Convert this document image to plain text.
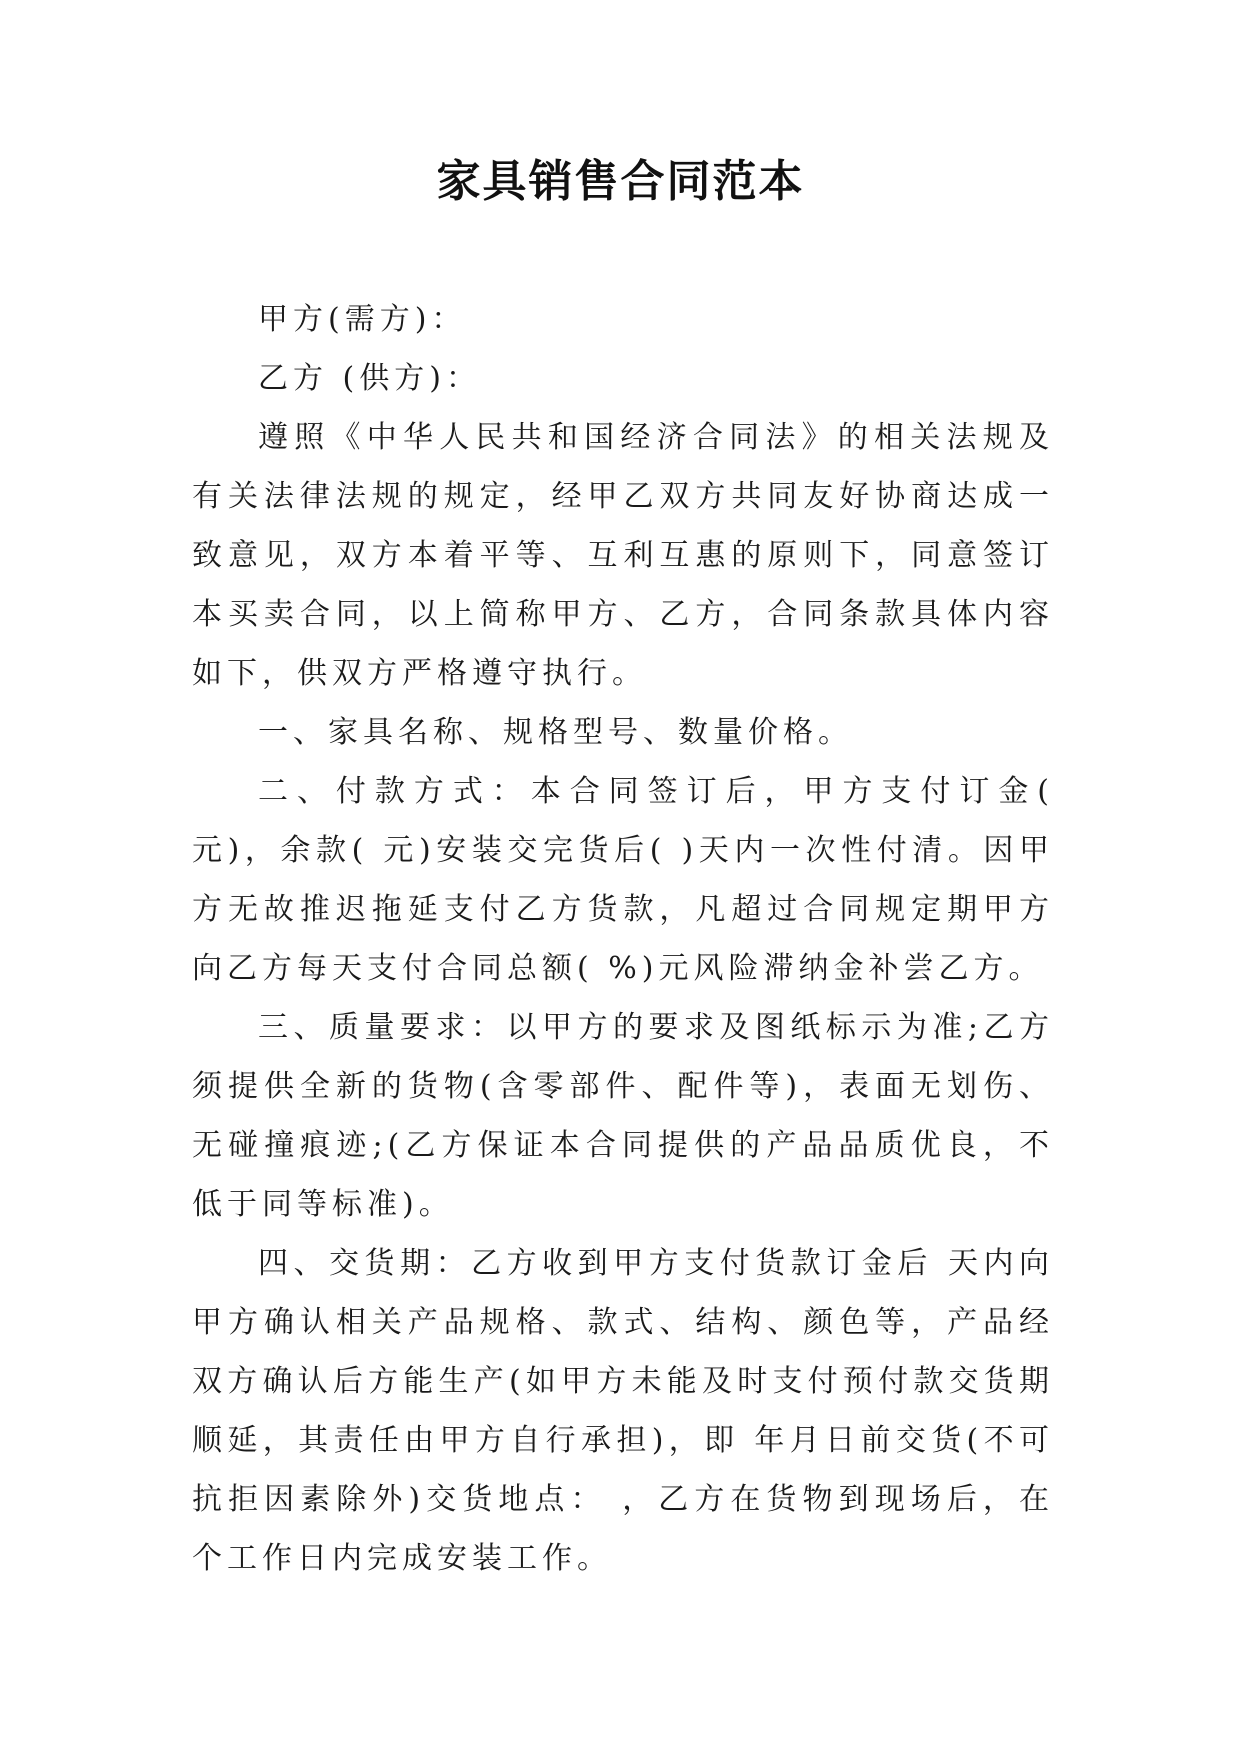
家具销售合同范本

甲方(需方)：

乙方 (供方)：

遵照《中华人民共和国经济合同法》的相关法规及有关法律法规的规定，经甲乙双方共同友好协商达成一致意见，双方本着平等、互利互惠的原则下，同意签订本买卖合同，以上简称甲方、乙方，合同条款具体内容如下，供双方严格遵守执行。

一、家具名称、规格型号、数量价格。

二、付款方式：本合同签订后，甲方支付订金( 元)，余款( 元)安装交完货后( )天内一次性付清。因甲方无故推迟拖延支付乙方货款，凡超过合同规定期甲方向乙方每天支付合同总额( %)元风险滞纳金补尝乙方。

三、质量要求：以甲方的要求及图纸标示为准;乙方须提供全新的货物(含零部件、配件等)，表面无划伤、无碰撞痕迹;(乙方保证本合同提供的产品品质优良，不低于同等标准)。

四、交货期：乙方收到甲方支付货款订金后 天内向甲方确认相关产品规格、款式、结构、颜色等，产品经双方确认后方能生产(如甲方未能及时支付预付款交货期顺延，其责任由甲方自行承担)，即 年月日前交货(不可抗拒因素除外)交货地点： ，乙方在货物到现场后，在 个工作日内完成安装工作。
